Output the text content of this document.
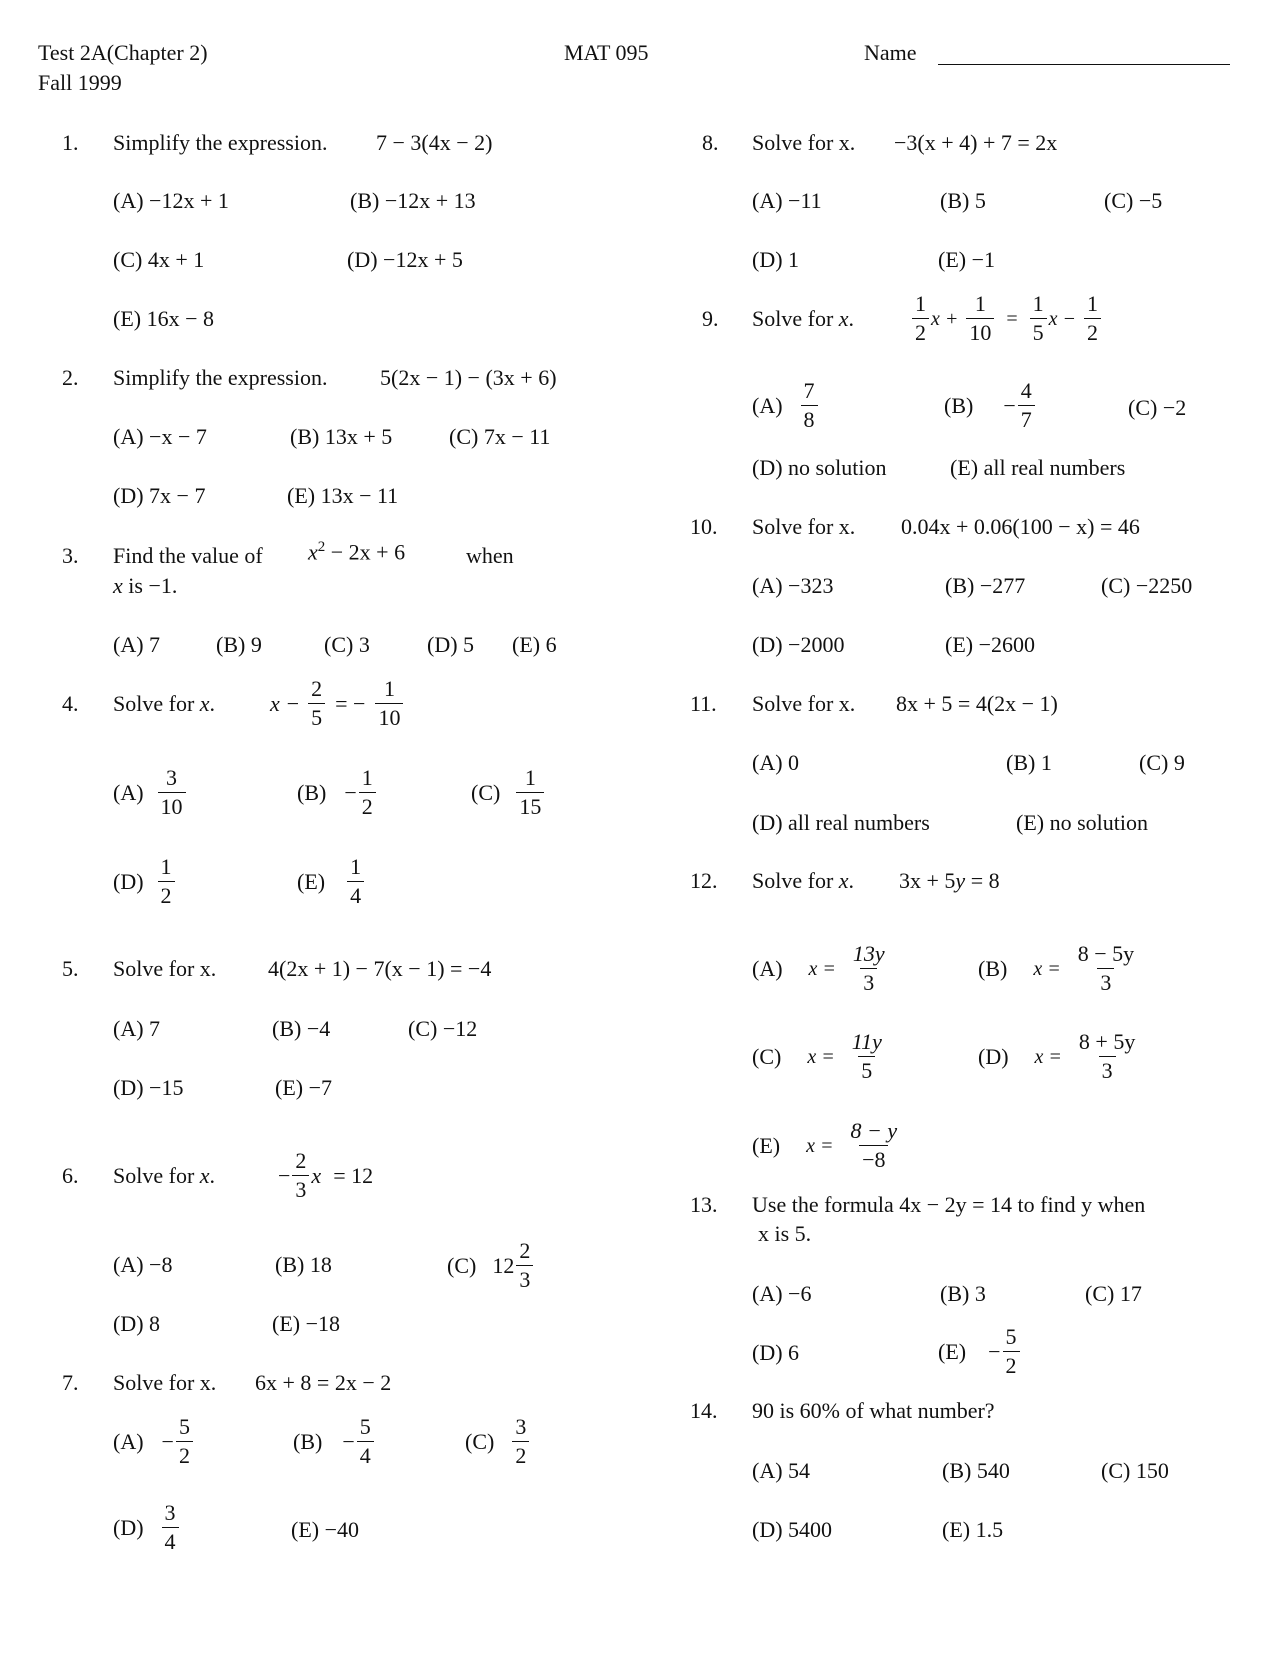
Test 2A(Chapter 2)
Fall 1999
MAT 095	Name
1. Simplify the expression. 7 − 3(4x − 2)
(A) −12x + 1	(B) −12x + 13
(C) 4x + 1	(D) −12x + 5
(E) 16x − 8
2. Simplify the expression. 5(2x − 1) − (3x + 6)
(A) −x − 7	(B) 13x + 5	(C) 7x − 11
(D) 7x − 7	(E) 13x − 11
3. Find the value of $x^2 - 2x + 6$	when
x is −1.
(A) 7	(B) 9	(C) 3	(D) 5 (E) 6
4. Solve for x. $x - \frac{2}{5}$ = − $\frac{1}{10}$
$(A) \frac{3}{10}$	$(B) - \frac{1}{2}$	$(C) \frac{1}{15}$
$(D) \frac{1}{2}$	$(E) \frac{1}{4}$
5. Solve for x. 4(2x + 1) − 7(x − 1) = −4
(A) 7	(B) −4	(C) −12
(D) −15	(E) −7
6. Solve for x.	− $\frac{2}{3}$ x = 12
(A) −8	(B) 18	(C) $12 \frac{2}{3}$
(D) 8	(E) −18
7. Solve for x. 6x + 8 = 2x − 2
$(A) - \frac{5}{2}$	$(B) - \frac{5}{4}$	$(C) \frac{3}{2}$
$(D) \frac{3}{4}$	(E) −40
8. Solve for x. −3(x + 4) + 7 = 2x
(A) −11	(B) 5	(C) −5
(D) 1	(E) −1
9. Solve for x.	$\frac{1}{2}$ $x + \frac{1}{10} = \frac{1}{5}$ $x - \frac{1}{2}$
$(A) \frac{7}{8}$	$(B) - \frac{4}{7}$	(C) −2
(D) no solution	(E) all real numbers
10. Solve for x. 0.04x + 0.06(100 − x) = 46
(A) −323	(B) −277	(C) −2250
(D) −2000	(E) −2600
11. Solve for x. 8x + 5 = 4(2x − 1)
(A) 0	(B) 1	(C) 9
(D) all real numbers	(E) no solution
12. Solve for x. 3x + 5y = 8
(A) $x = \frac{13y}{3}$	(B) $x = \frac{8 - 5y}{3}$
(C) $x = \frac{11y}{5}$	(D) $x = \frac{8 + 5y}{3}$
(E) $x = \frac{8 - y}{-8}$
13. Use the formula 4x − 2y = 14 to find y when
x is 5.
(A) −6	(B) 3	(C) 17
(D) 6	$(E) - \frac{5}{2}$
14. 90 is 60% of what number?
(A) 54	(B) 540	(C) 150
(D) 5400	(E) 1.5
